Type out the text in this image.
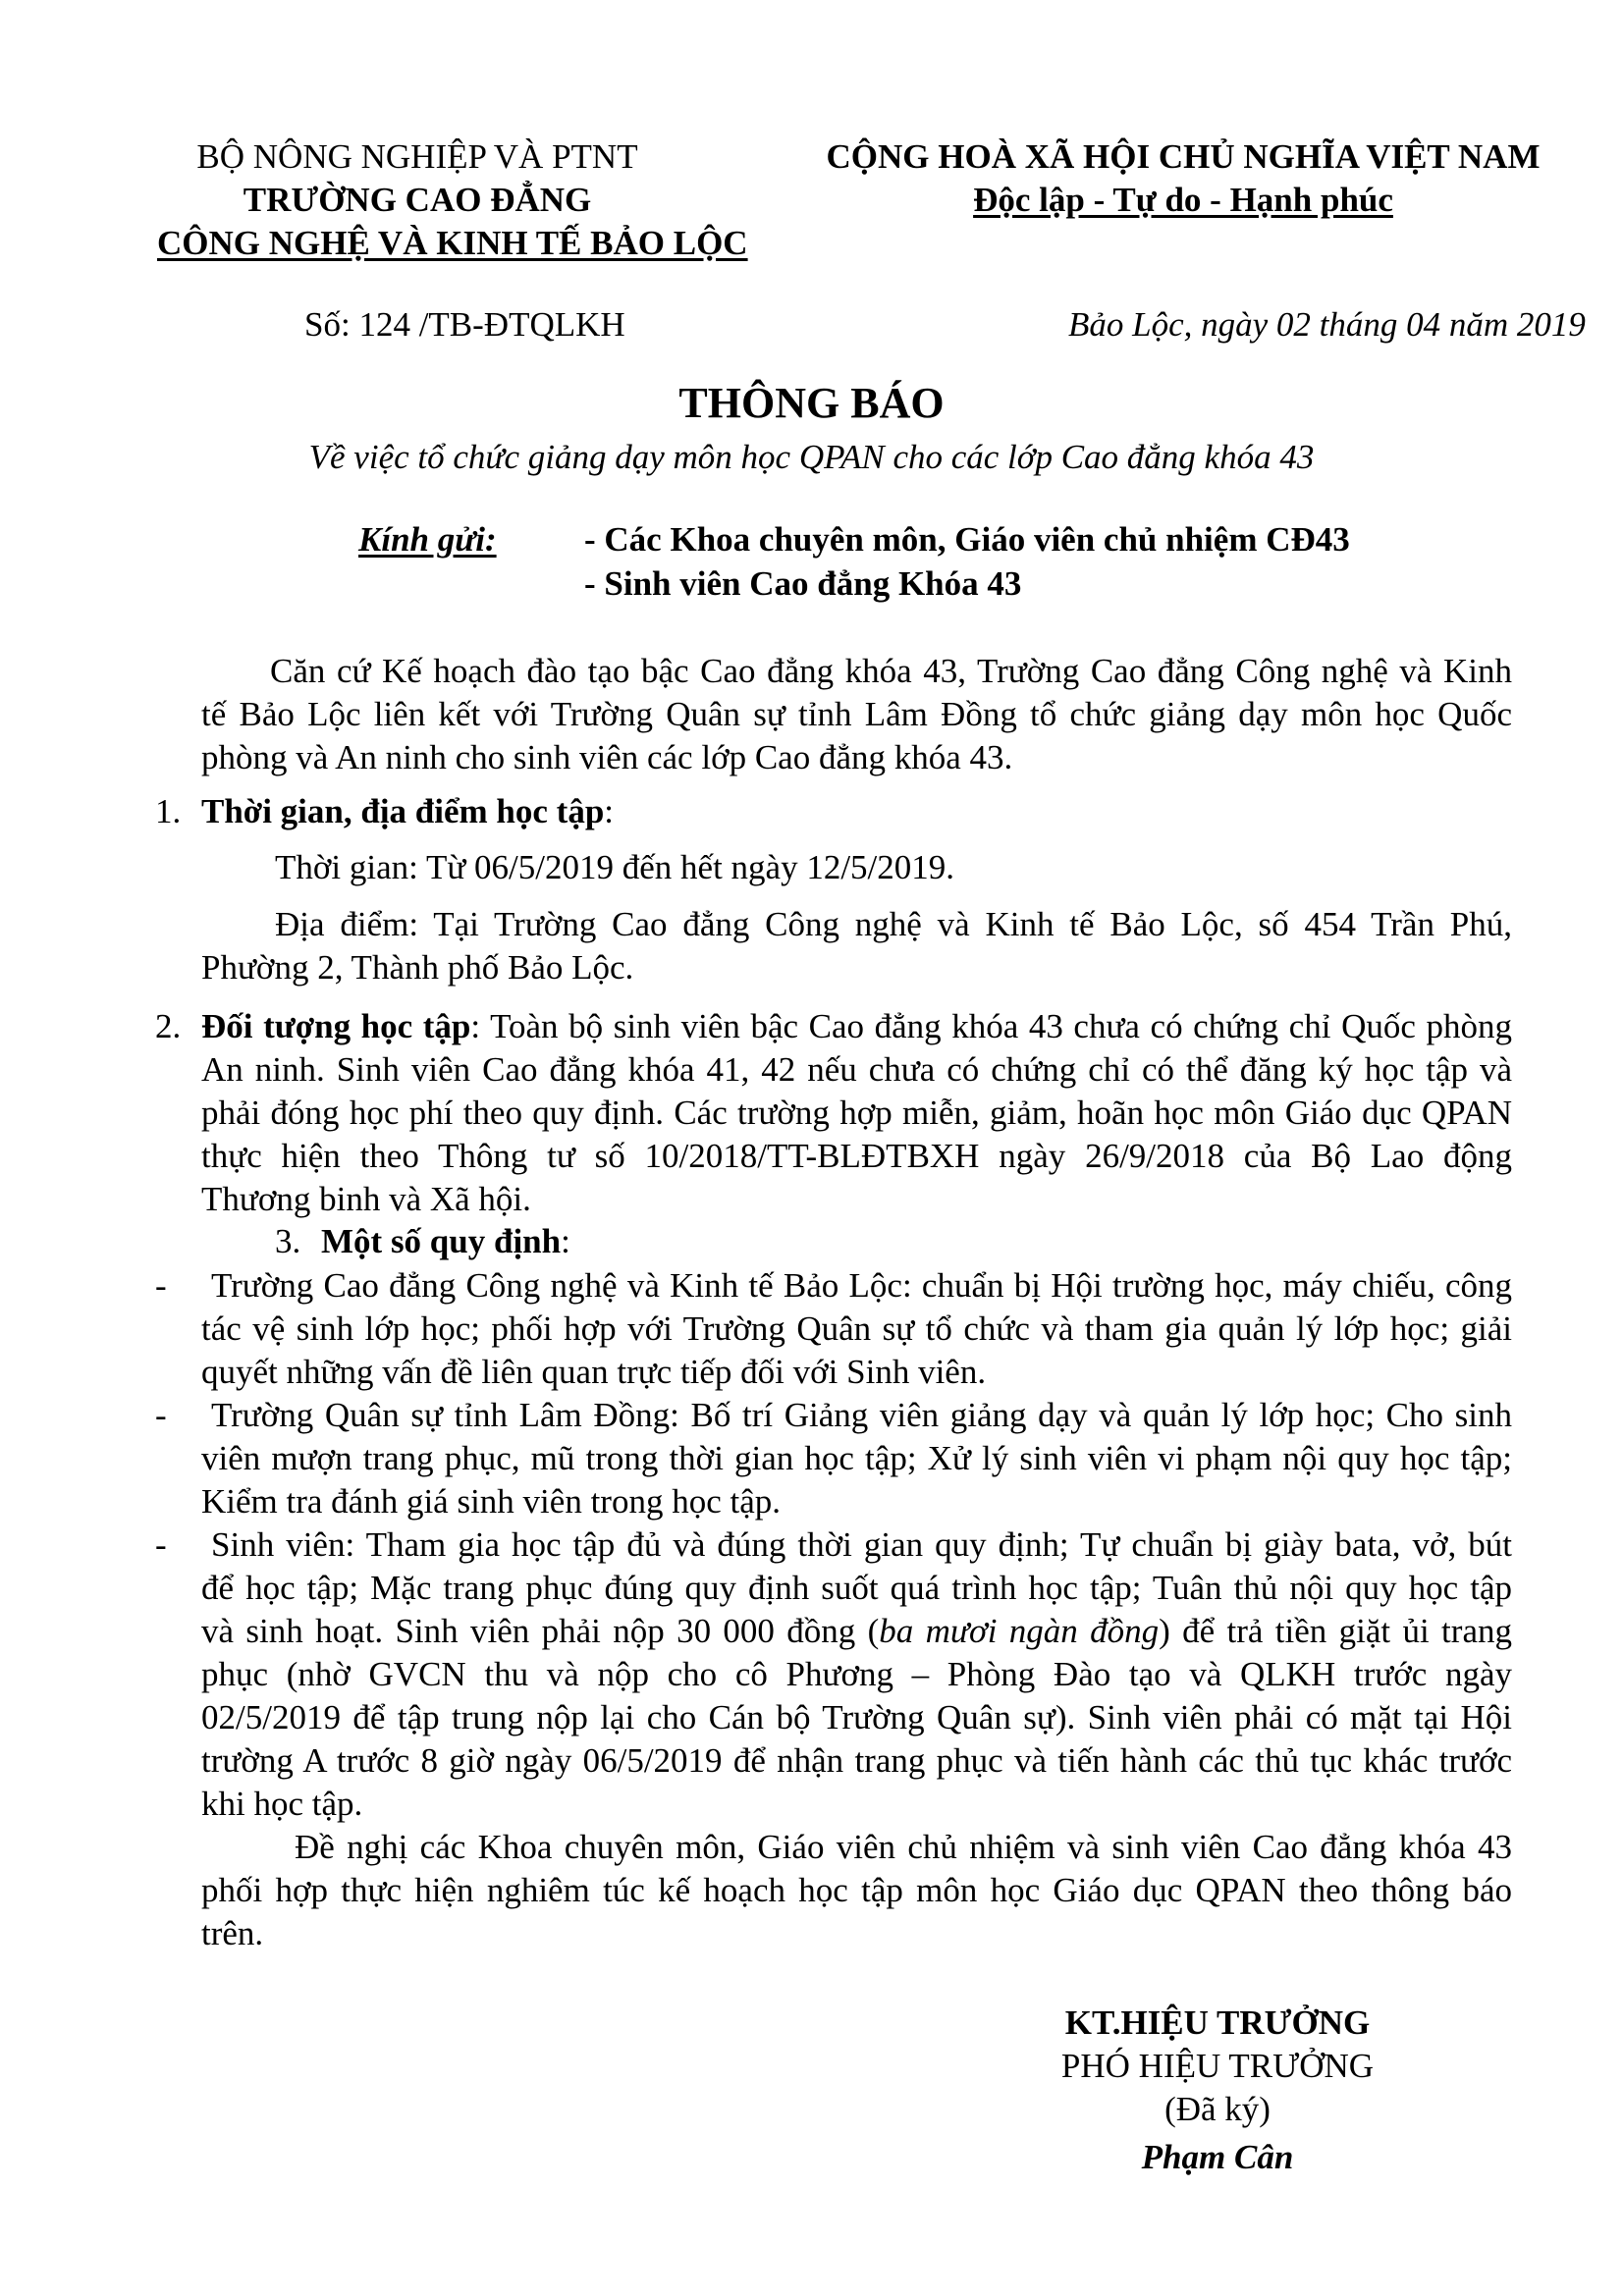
BỘ NÔNG NGHIỆP VÀ PTNT
TRƯỜNG CAO ĐẲNG
CÔNG NGHỆ VÀ KINH TẾ BẢO LỘC
CỘNG HOÀ XÃ HỘI CHỦ NGHĨA VIỆT NAM
Độc lập - Tự do - Hạnh phúc
Số: 124 /TB-ĐTQLKH	Bảo Lộc, ngày 02 tháng 04 năm 2019
THÔNG BÁO
Về việc tổ chức giảng dạy môn học QPAN cho các lớp Cao đẳng khóa 43
Kính gửi:	- Các Khoa chuyên môn, Giáo viên chủ nhiệm CĐ43
- Sinh viên Cao đẳng Khóa 43
Căn cứ Kế hoạch đào tạo bậc Cao đẳng khóa 43, Trường Cao đẳng Công nghệ và Kinh
tế Bảo Lộc liên kết với Trường Quân sự tỉnh Lâm Đồng tổ chức giảng dạy môn học Quốc
phòng và An ninh cho sinh viên các lớp Cao đẳng khóa 43.
1. Thời gian, địa điểm học tập:
Thời gian: Từ 06/5/2019 đến hết ngày 12/5/2019.
Địa điểm: Tại Trường Cao đẳng Công nghệ và Kinh tế Bảo Lộc, số 454 Trần Phú,
Phường 2, Thành phố Bảo Lộc.
2. Đối tượng học tập: Toàn bộ sinh viên bậc Cao đẳng khóa 43 chưa có chứng chỉ Quốc phòng
An ninh. Sinh viên Cao đẳng khóa 41, 42 nếu chưa có chứng chỉ có thể đăng ký học tập và
phải đóng học phí theo quy định. Các trường hợp miễn, giảm, hoãn học môn Giáo dục QPAN
thực hiện theo Thông tư số 10/2018/TT-BLĐTBXH ngày 26/9/2018 của Bộ Lao động
Thương binh và Xã hội.
3. Một số quy định:
- Trường Cao đẳng Công nghệ và Kinh tế Bảo Lộc: chuẩn bị Hội trường học, máy chiếu, công
tác vệ sinh lớp học; phối hợp với Trường Quân sự tổ chức và tham gia quản lý lớp học; giải
quyết những vấn đề liên quan trực tiếp đối với Sinh viên.
- Trường Quân sự tỉnh Lâm Đồng: Bố trí Giảng viên giảng dạy và quản lý lớp học; Cho sinh
viên mượn trang phục, mũ trong thời gian học tập; Xử lý sinh viên vi phạm nội quy học tập;
Kiểm tra đánh giá sinh viên trong học tập.
- Sinh viên: Tham gia học tập đủ và đúng thời gian quy định; Tự chuẩn bị giày bata, vở, bút
để học tập; Mặc trang phục đúng quy định suốt quá trình học tập; Tuân thủ nội quy học tập
và sinh hoạt. Sinh viên phải nộp 30 000 đồng (ba mươi ngàn đồng) để trả tiền giặt ủi trang
phục (nhờ GVCN thu và nộp cho cô Phương – Phòng Đào tạo và QLKH trước ngày
02/5/2019 để tập trung nộp lại cho Cán bộ Trường Quân sự). Sinh viên phải có mặt tại Hội
trường A trước 8 giờ ngày 06/5/2019 để nhận trang phục và tiến hành các thủ tục khác trước
khi học tập.
Đề nghị các Khoa chuyên môn, Giáo viên chủ nhiệm và sinh viên Cao đẳng khóa 43
phối hợp thực hiện nghiêm túc kế hoạch học tập môn học Giáo dục QPAN theo thông báo
trên.
KT.HIỆU TRƯỞNG
PHÓ HIỆU TRƯỞNG
(Đã ký)
Phạm Cân
